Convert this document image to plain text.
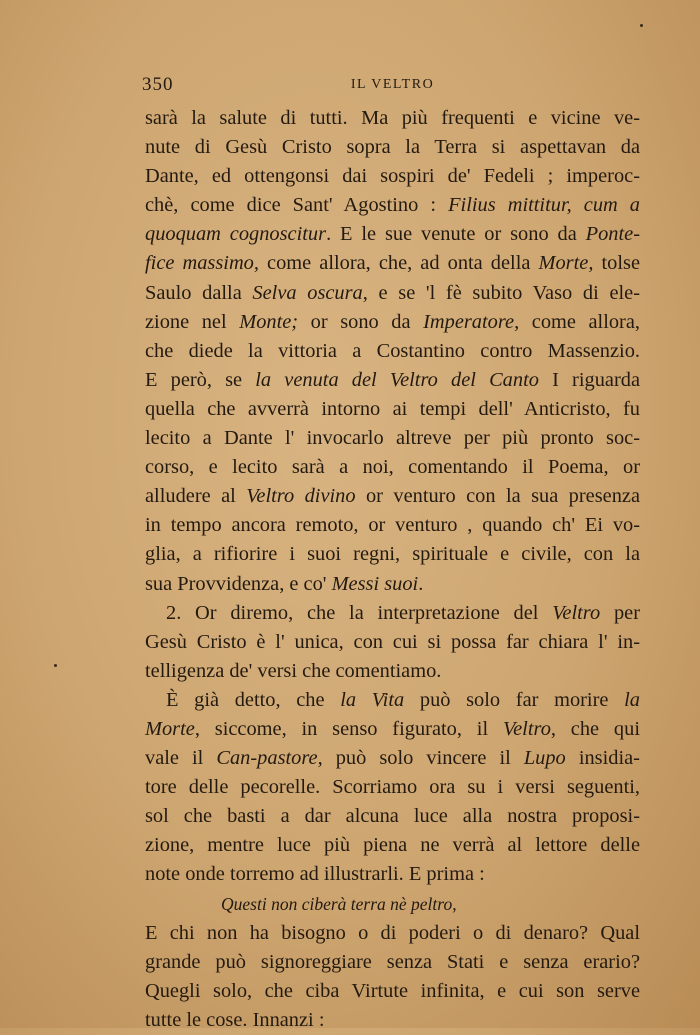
350	IL VELTRO
sarà la salute di tutti. Ma più frequenti e vicine ve-
nute di Gesù Cristo sopra la Terra si aspettavan da
Dante, ed ottengonsi dai sospiri de' Fedeli ; imperoc-
chè, come dice Sant' Agostino : Filius mittitur, cum a
quoquam cognoscitur. E le sue venute or sono da Ponte-
fice massimo, come allora, che, ad onta della Morte, tolse
Saulo dalla Selva oscura, e se 'l fè subito Vaso di ele-
zione nel Monte; or sono da Imperatore, come allora,
che diede la vittoria a Costantino contro Massenzio.
E però, se la venuta del Veltro del Canto I riguarda
quella che avverrà intorno ai tempi dell' Anticristo, fu
lecito a Dante l' invocarlo altreve per più pronto soc-
corso, e lecito sarà a noi, comentando il Poema, or
alludere al Veltro divino or venturo con la sua presenza
in tempo ancora remoto, or venturo , quando ch' Ei vo-
glia, a rifiorire i suoi regni, spirituale e civile, con la
sua Provvidenza, e co' Messi suoi.
2. Or diremo, che la interpretazione del Veltro per
Gesù Cristo è l' unica, con cui si possa far chiara l' in-
telligenza de' versi che comentiamo.
È già detto, che la Vita può solo far morire la
Morte, siccome, in senso figurato, il Veltro, che qui
vale il Can-pastore, può solo vincere il Lupo insidia-
tore delle pecorelle. Scorriamo ora su i versi seguenti,
sol che basti a dar alcuna luce alla nostra proposi-
zione, mentre luce più piena ne verrà al lettore delle
note onde torremo ad illustrarli. E prima :
Questi non ciberà terra nè peltro,
E chi non ha bisogno o di poderi o di denaro? Qual
grande può signoreggiare senza Stati e senza erario?
Quegli solo, che ciba Virtute infinita, e cui son serve
tutte le cose. Innanzi :
